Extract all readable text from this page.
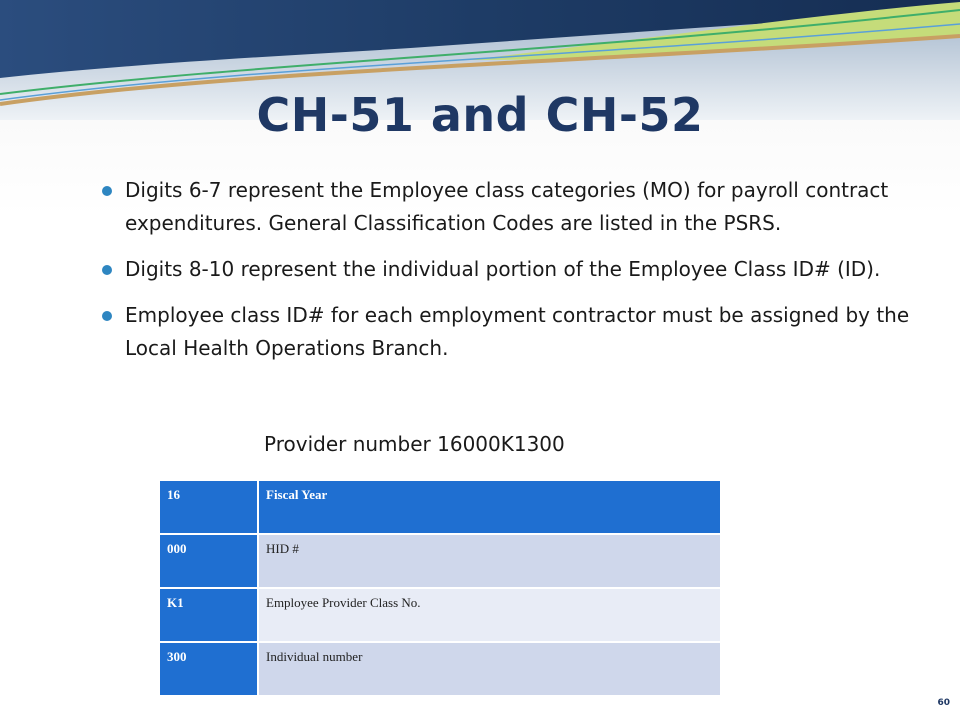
CH-51 and CH-52
Digits 6-7 represent the Employee class categories (MO) for payroll contract expenditures. General Classification Codes are listed in the PSRS.
Digits 8-10 represent the individual portion of the Employee Class ID# (ID).
Employee class ID# for each employment contractor must be assigned by the Local Health Operations Branch.
Provider number 16000K1300
16	Fiscal Year
000	HID #
K1	Employee Provider Class No.
300	Individual number
60
